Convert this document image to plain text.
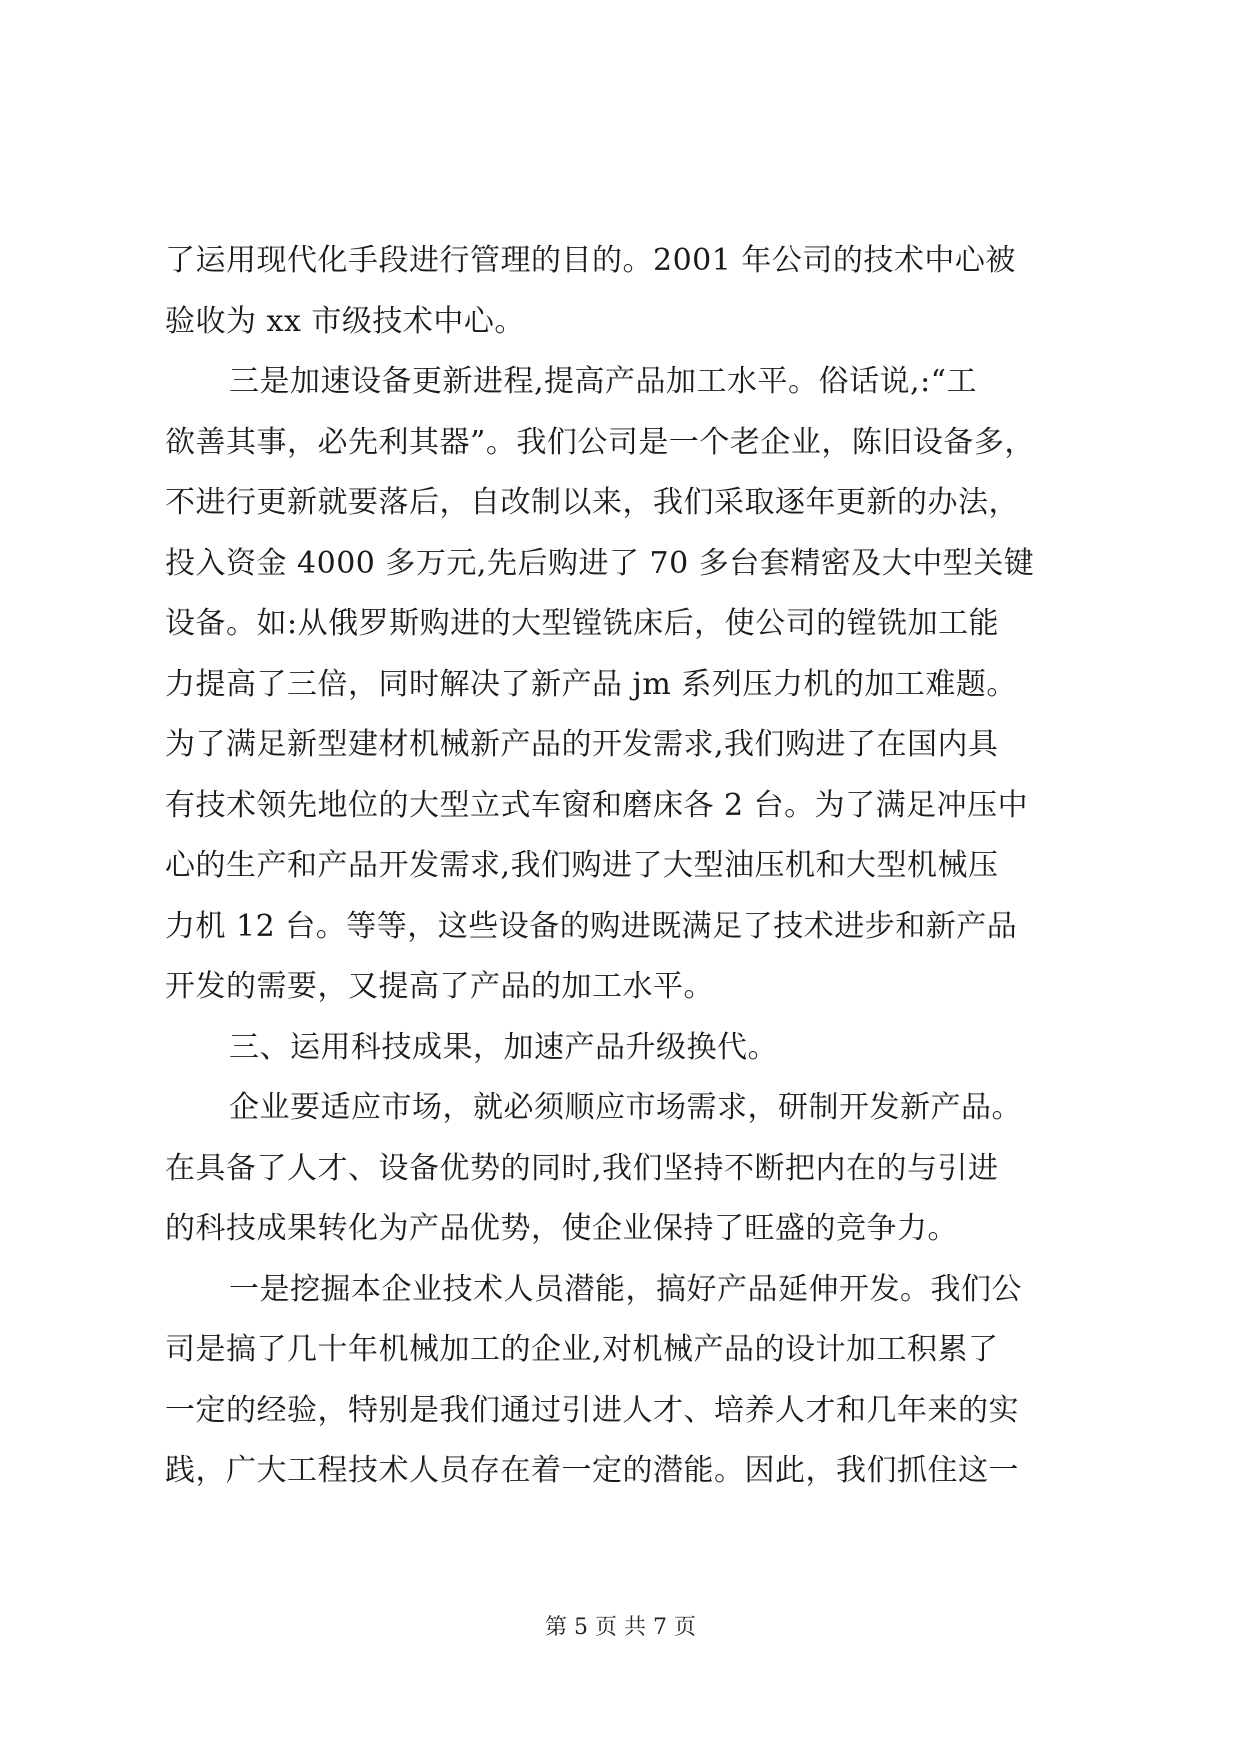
了运用现代化手段进行管理的目的。2001 年公司的技术中心被
验收为 xx 市级技术中心。
三是加速设备更新进程,提高产品加工水平。俗话说,:“工
欲善其事，必先利其器”。我们公司是一个老企业，陈旧设备多，
不进行更新就要落后，自改制以来，我们采取逐年更新的办法，
投入资金 4000 多万元,先后购进了 70 多台套精密及大中型关键
设备。如:从俄罗斯购进的大型镗铣床后，使公司的镗铣加工能
力提高了三倍，同时解决了新产品 jm 系列压力机的加工难题。
为了满足新型建材机械新产品的开发需求,我们购进了在国内具
有技术领先地位的大型立式车窗和磨床各 2 台。为了满足冲压中
心的生产和产品开发需求,我们购进了大型油压机和大型机械压
力机 12 台。等等，这些设备的购进既满足了技术进步和新产品
开发的需要，又提高了产品的加工水平。
三、运用科技成果，加速产品升级换代。
企业要适应市场，就必须顺应市场需求，研制开发新产品。
在具备了人才、设备优势的同时,我们坚持不断把内在的与引进
的科技成果转化为产品优势，使企业保持了旺盛的竞争力。
一是挖掘本企业技术人员潜能，搞好产品延伸开发。我们公
司是搞了几十年机械加工的企业,对机械产品的设计加工积累了
一定的经验，特别是我们通过引进人才、培养人才和几年来的实
践，广大工程技术人员存在着一定的潜能。因此，我们抓住这一
第 5 页 共 7 页
